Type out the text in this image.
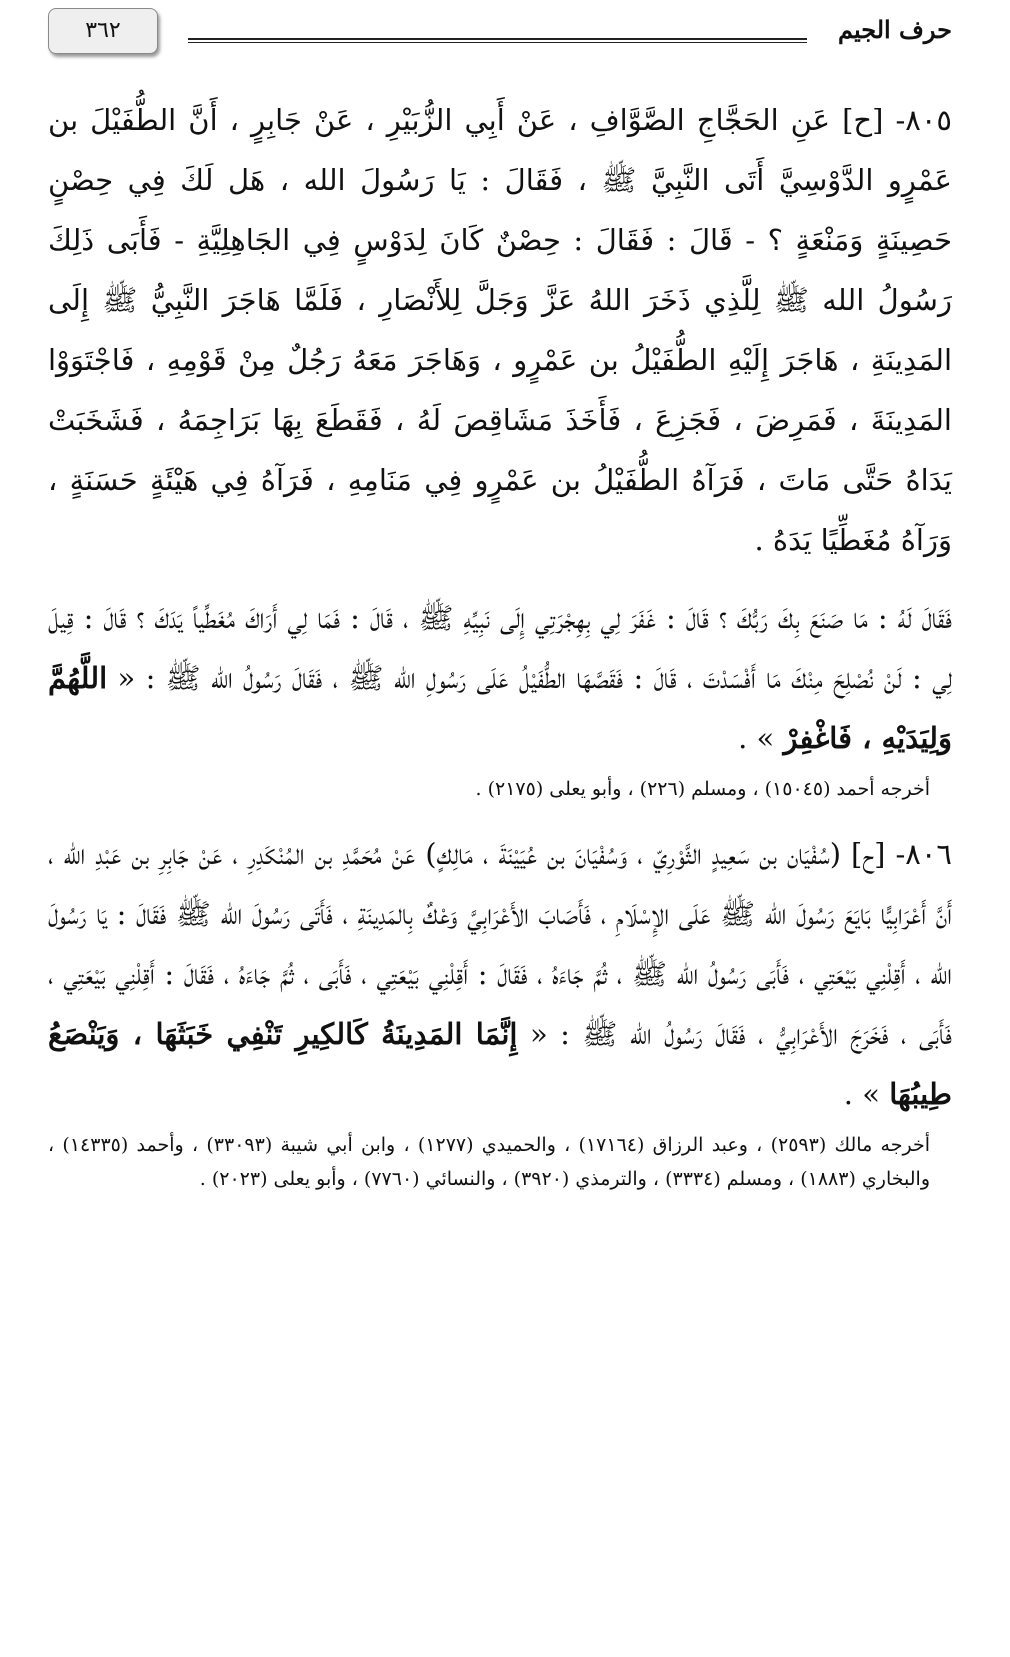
حرف الجيم
٣٦٢

٨٠٥- [ح] عَنِ الحَجَّاجِ الصَّوَّافِ ، عَنْ أَبِي الزُّبَيْرِ ، عَنْ جَابِرٍ ، أَنَّ الطُّفَيْلَ بن عَمْرٍو الدَّوْسِيَّ أَتَى النَّبِيَّ ﷺ ، فَقَالَ : يَا رَسُولَ الله ، هَل لَكَ فِي حِصْنٍ حَصِينَةٍ وَمَنْعَةٍ ؟ - قَالَ : فَقَالَ : حِصْنٌ كَانَ لِدَوْسٍ فِي الجَاهِلِيَّةِ - فَأَبَى ذَلِكَ رَسُولُ الله ﷺ لِلَّذِي ذَخَرَ اللهُ عَزَّ وَجَلَّ لِلأَنْصَارِ ، فَلَمَّا هَاجَرَ النَّبِيُّ ﷺ إِلَى المَدِينَةِ ، هَاجَرَ إِلَيْهِ الطُّفَيْلُ بن عَمْرٍو ، وَهَاجَرَ مَعَهُ رَجُلٌ مِنْ قَوْمِهِ ، فَاجْتَوَوْا المَدِينَةَ ، فَمَرِضَ ، فَجَزِعَ ، فَأَخَذَ مَشَاقِصَ لَهُ ، فَقَطَعَ بِهَا بَرَاجِمَهُ ، فَشَخَبَتْ يَدَاهُ حَتَّى مَاتَ ، فَرَآهُ الطُّفَيْلُ بن عَمْرٍو فِي مَنَامِهِ ، فَرَآهُ فِي هَيْئَةٍ حَسَنَةٍ ، وَرَآهُ مُغَطِّيًا يَدَهُ .

فَقَالَ لَهُ : مَا صَنَعَ بِكَ رَبُّكَ ؟ قَالَ : غَفَرَ لِي بِهِجْرَتِي إِلَى نَبِيِّهِ ﷺ ، قَالَ : فَمَا لِي أَرَاكَ مُغَطِّياً يَدَكَ ؟ قَالَ : قِيلَ لِي : لَنْ نُصْلِحَ مِنْكَ مَا أَفْسَدْتَ ، قَالَ : فَقَصَّهَا الطُّفَيْلُ عَلَى رَسُولِ الله ﷺ ، فَقَالَ رَسُولُ الله ﷺ : « اللَّهُمَّ وَلِيَدَيْهِ ، فَاغْفِرْ » .

أخرجه أحمد (١٥٠٤٥) ، ومسلم (٢٢٦) ، وأبو يعلى (٢١٧٥) .

٨٠٦- [ح] (سُفْيَان بن سَعِيدٍ الثَّوْرِيّ ، وَسُفْيَانَ بن عُيَيْنَةَ ، مَالِكٍ) عَنْ مُحَمَّدِ بن المُنْكَدِرِ ، عَنْ جَابِرِ بن عَبْدِ الله ، أَنَّ أَعْرَابِيًّا بَايَعَ رَسُولَ الله ﷺ عَلَى الإِسْلَامِ ، فَأَصَابَ الأَعْرَابِيَّ وَعْكٌ بِالمَدِينَةِ ، فَأَتَى رَسُولَ الله ﷺ فَقَالَ : يَا رَسُولَ الله ، أَقِلْنِي بَيْعَتِي ، فَأَبَى رَسُولُ الله ﷺ ، ثُمَّ جَاءَهُ ، فَقَالَ : أَقِلْنِي بَيْعَتِي ، فَأَبَى ، ثُمَّ جَاءَهُ ، فَقَالَ : أَقِلْنِي بَيْعَتِي ، فَأَبَى ، فَخَرَجَ الأَعْرَابِيُّ ، فَقَالَ رَسُولُ الله ﷺ : « إِنَّمَا المَدِينَةُ كَالكِيرِ تَنْفِي خَبَثَهَا ، وَيَنْصَعُ طِيبُهَا » .

أخرجه مالك (٢٥٩٣) ، وعبد الرزاق (١٧١٦٤) ، والحميدي (١٢٧٧) ، وابن أبي شيبة (٣٣٠٩٣) ، وأحمد (١٤٣٣٥) ، والبخاري (١٨٨٣) ، ومسلم (٣٣٣٤) ، والترمذي (٣٩٢٠) ، والنسائي (٧٧٦٠) ، وأبو يعلى (٢٠٢٣) .
